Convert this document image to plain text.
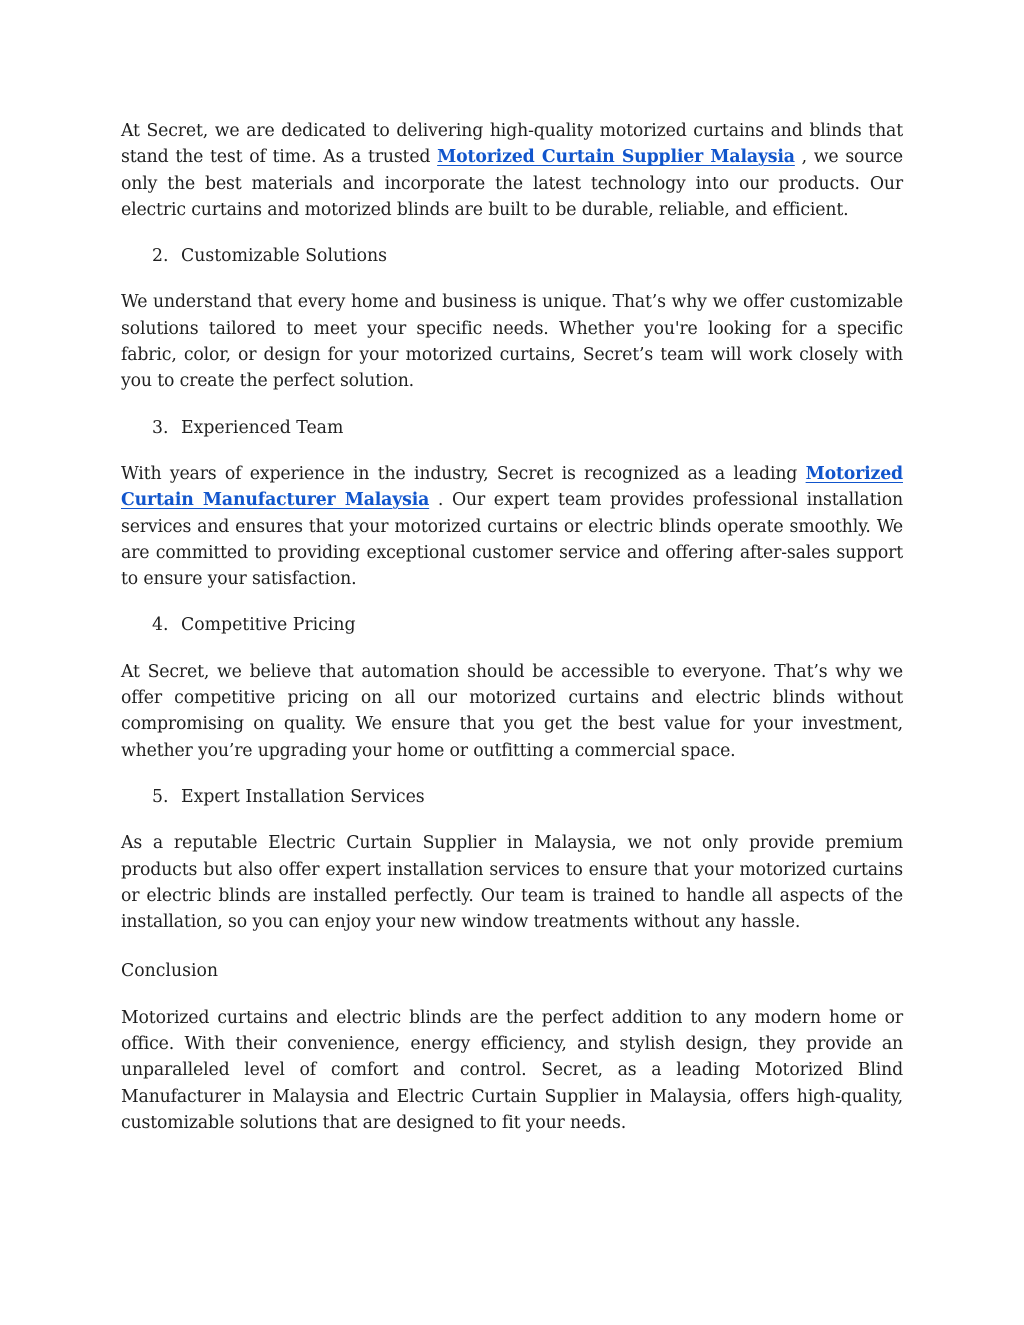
At Secret, we are dedicated to delivering high-quality motorized curtains and blinds that stand the test of time. As a trusted Motorized Curtain Supplier Malaysia , we source only the best materials and incorporate the latest technology into our products. Our electric curtains and motorized blinds are built to be durable, reliable, and efficient.

2. Customizable Solutions

We understand that every home and business is unique. That’s why we offer customizable solutions tailored to meet your specific needs. Whether you're looking for a specific fabric, color, or design for your motorized curtains, Secret’s team will work closely with you to create the perfect solution.

3. Experienced Team

With years of experience in the industry, Secret is recognized as a leading Motorized Curtain Manufacturer Malaysia . Our expert team provides professional installation services and ensures that your motorized curtains or electric blinds operate smoothly. We are committed to providing exceptional customer service and offering after-sales support to ensure your satisfaction.

4. Competitive Pricing

At Secret, we believe that automation should be accessible to everyone. That’s why we offer competitive pricing on all our motorized curtains and electric blinds without compromising on quality. We ensure that you get the best value for your investment, whether you’re upgrading your home or outfitting a commercial space.

5. Expert Installation Services

As a reputable Electric Curtain Supplier in Malaysia, we not only provide premium products but also offer expert installation services to ensure that your motorized curtains or electric blinds are installed perfectly. Our team is trained to handle all aspects of the installation, so you can enjoy your new window treatments without any hassle.

Conclusion

Motorized curtains and electric blinds are the perfect addition to any modern home or office. With their convenience, energy efficiency, and stylish design, they provide an unparalleled level of comfort and control. Secret, as a leading Motorized Blind Manufacturer in Malaysia and Electric Curtain Supplier in Malaysia, offers high-quality, customizable solutions that are designed to fit your needs.
